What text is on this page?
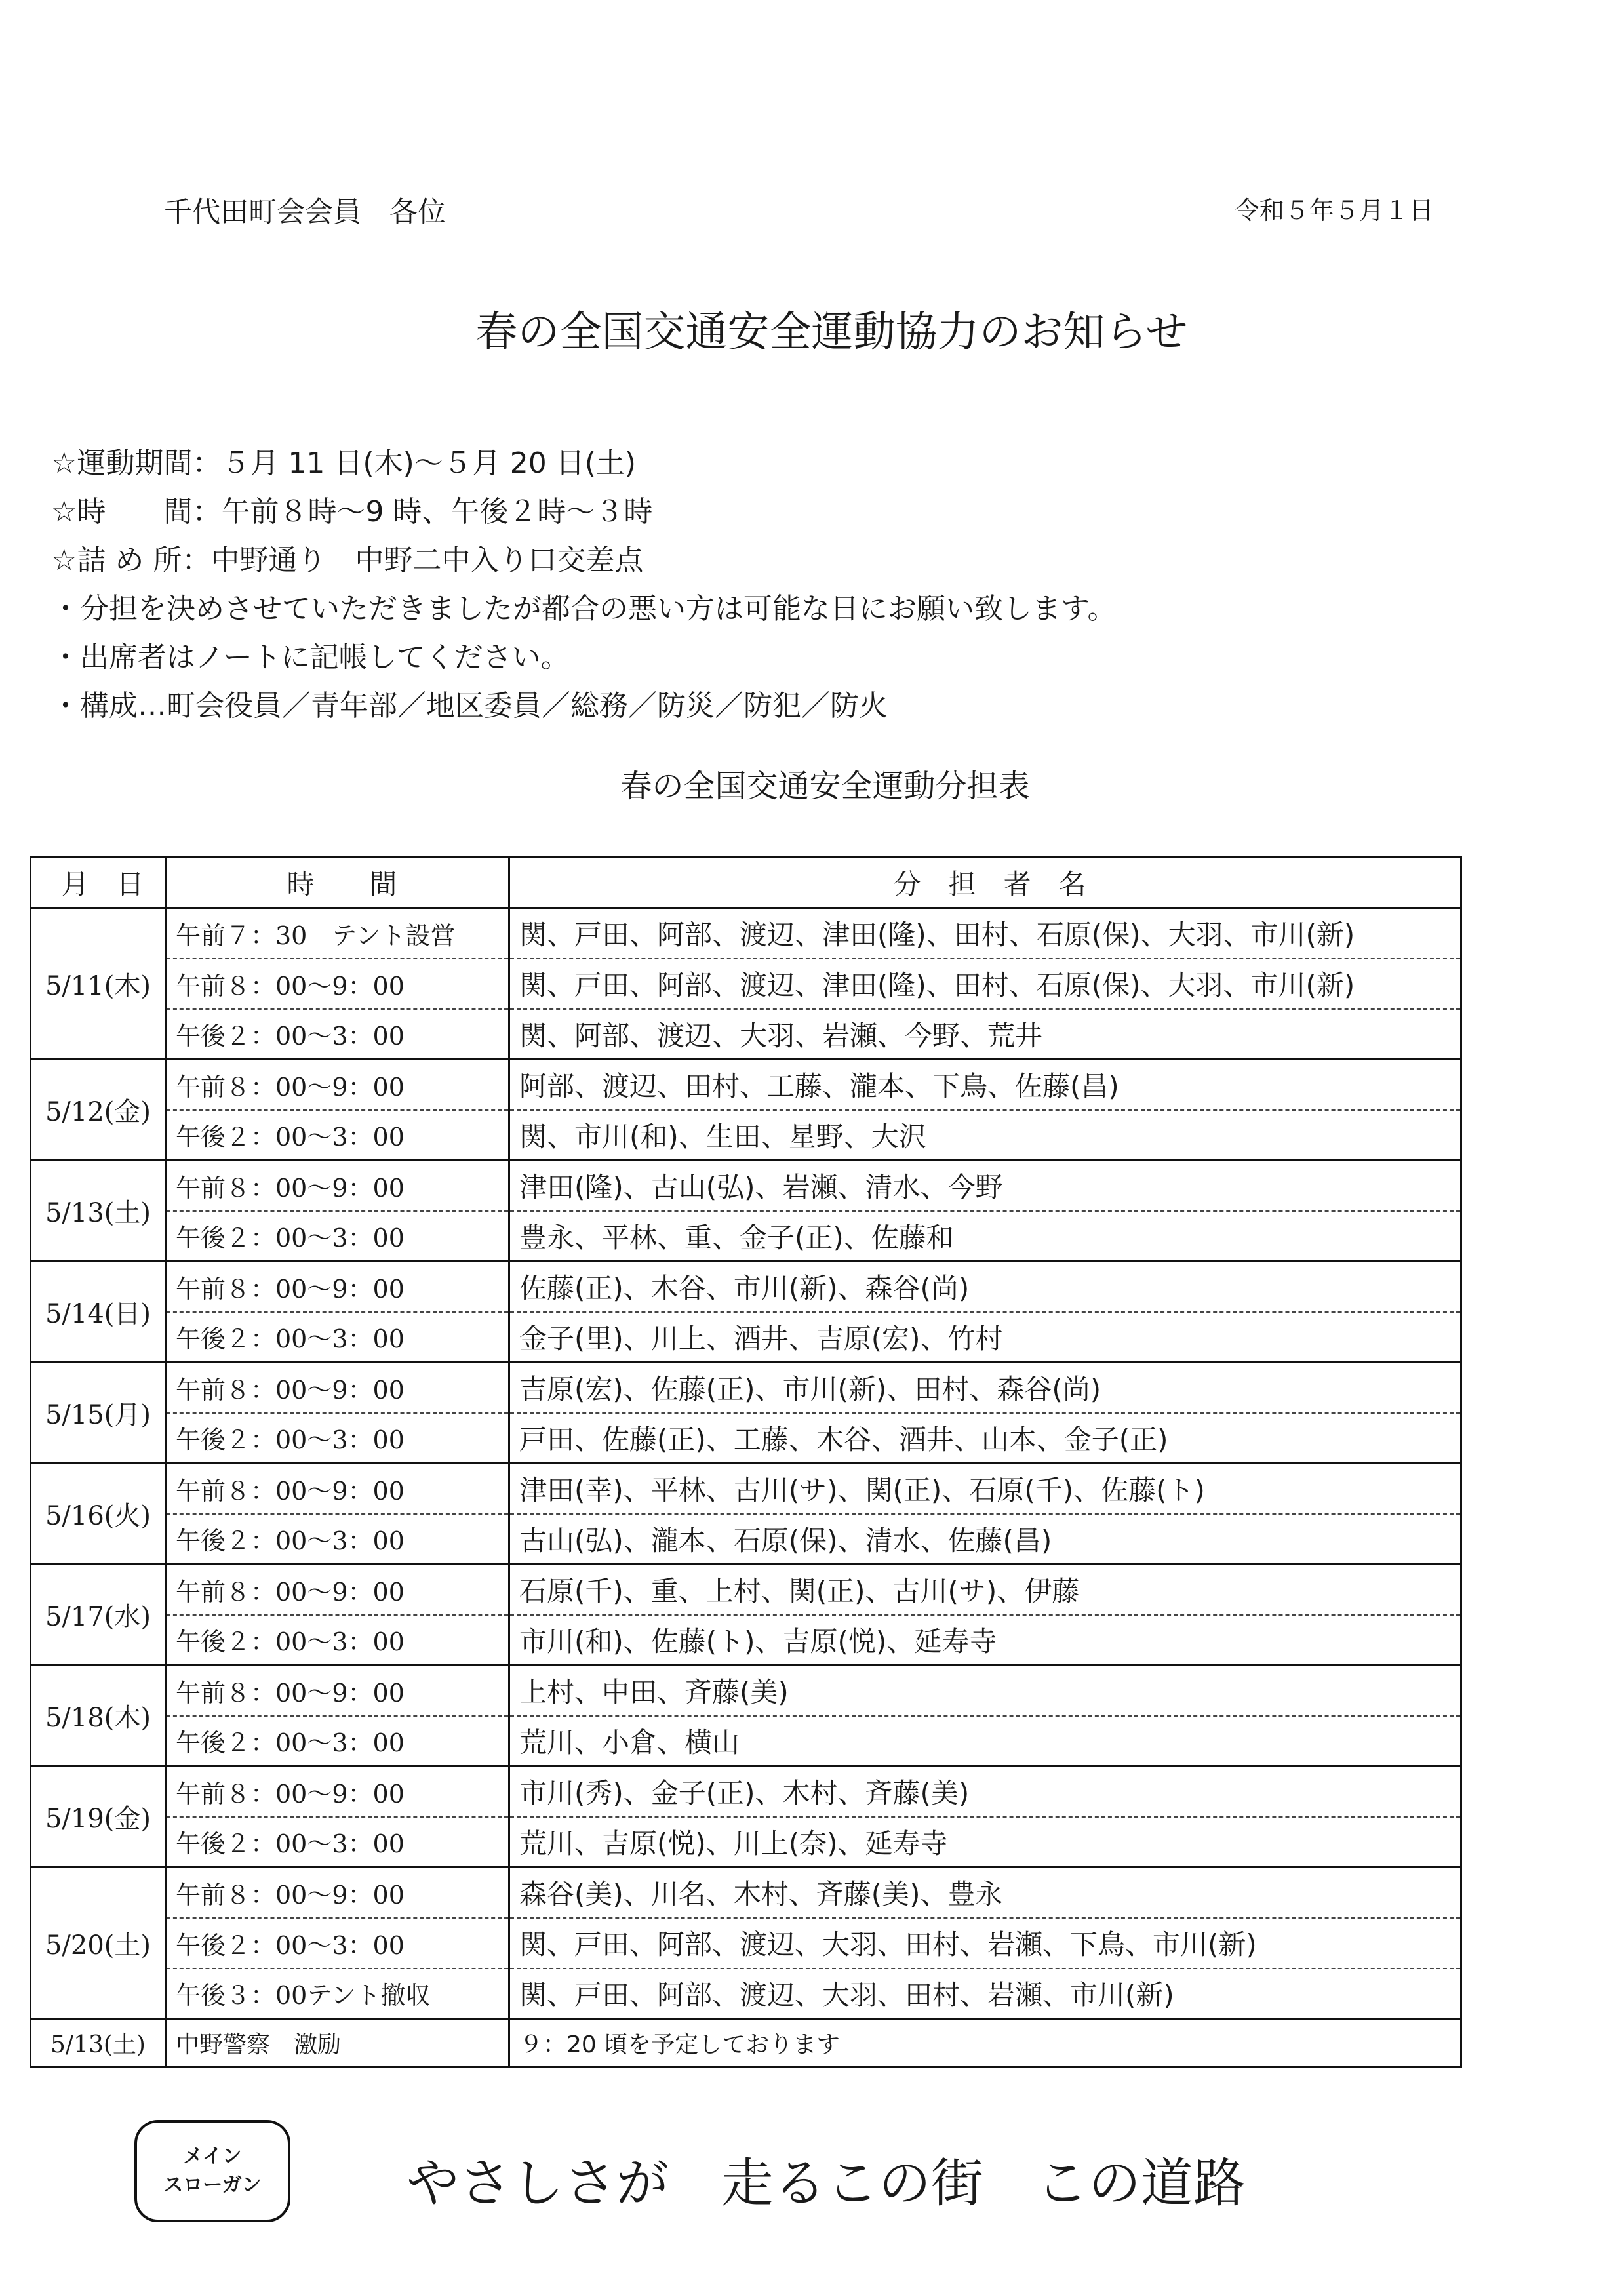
千代田町会会員　各位	令和５年５月１日
春の全国交通安全運動協力のお知らせ
☆運動期間：５月 11 日(木)～５月 20 日(土)
☆時　　間：午前８時～9 時、午後２時～３時
☆詰 め 所：中野通り　中野二中入り口交差点
・分担を決めさせていただきましたが都合の悪い方は可能な日にお願い致します。
・出席者はノートに記帳してください。
・構成…町会役員／青年部／地区委員／総務／防災／防犯／防火
春の全国交通安全運動分担表
月　日	時　　間	分　担　者　名
5/11(木)	午前７：30　テント設営	関、戸田、阿部、渡辺、津田(隆)、田村、石原(保)、大羽、市川(新)
	午前８：00～9：00	関、戸田、阿部、渡辺、津田(隆)、田村、石原(保)、大羽、市川(新)
	午後２：00～3：00	関、阿部、渡辺、大羽、岩瀬、今野、荒井
5/12(金)	午前８：00～9：00	阿部、渡辺、田村、工藤、瀧本、下鳥、佐藤(昌)
	午後２：00～3：00	関、市川(和)、生田、星野、大沢
5/13(土)	午前８：00～9：00	津田(隆)、古山(弘)、岩瀬、清水、今野
	午後２：00～3：00	豊永、平林、重、金子(正)、佐藤和
5/14(日)	午前８：00～9：00	佐藤(正)、木谷、市川(新)、森谷(尚)
	午後２：00～3：00	金子(里)、川上、酒井、吉原(宏)、竹村
5/15(月)	午前８：00～9：00	吉原(宏)、佐藤(正)、市川(新)、田村、森谷(尚)
	午後２：00～3：00	戸田、佐藤(正)、工藤、木谷、酒井、山本、金子(正)
5/16(火)	午前８：00～9：00	津田(幸)、平林、古川(サ)、関(正)、石原(千)、佐藤(ト)
	午後２：00～3：00	古山(弘)、瀧本、石原(保)、清水、佐藤(昌)
5/17(水)	午前８：00～9：00	石原(千)、重、上村、関(正)、古川(サ)、伊藤
	午後２：00～3：00	市川(和)、佐藤(ト)、吉原(悦)、延寿寺
5/18(木)	午前８：00～9：00	上村、中田、斉藤(美)
	午後２：00～3：00	荒川、小倉、横山
5/19(金)	午前８：00～9：00	市川(秀)、金子(正)、木村、斉藤(美)
	午後２：00～3：00	荒川、吉原(悦)、川上(奈)、延寿寺
5/20(土)	午前８：00～9：00	森谷(美)、川名、木村、斉藤(美)、豊永
	午後２：00～3：00	関、戸田、阿部、渡辺、大羽、田村、岩瀬、下鳥、市川(新)
	午後３：00テント撤収	関、戸田、阿部、渡辺、大羽、田村、岩瀬、市川(新)
5/13(土)	中野警察　激励	９：20 頃を予定しております
メイン
スローガン	やさしさが　走るこの街　この道路
